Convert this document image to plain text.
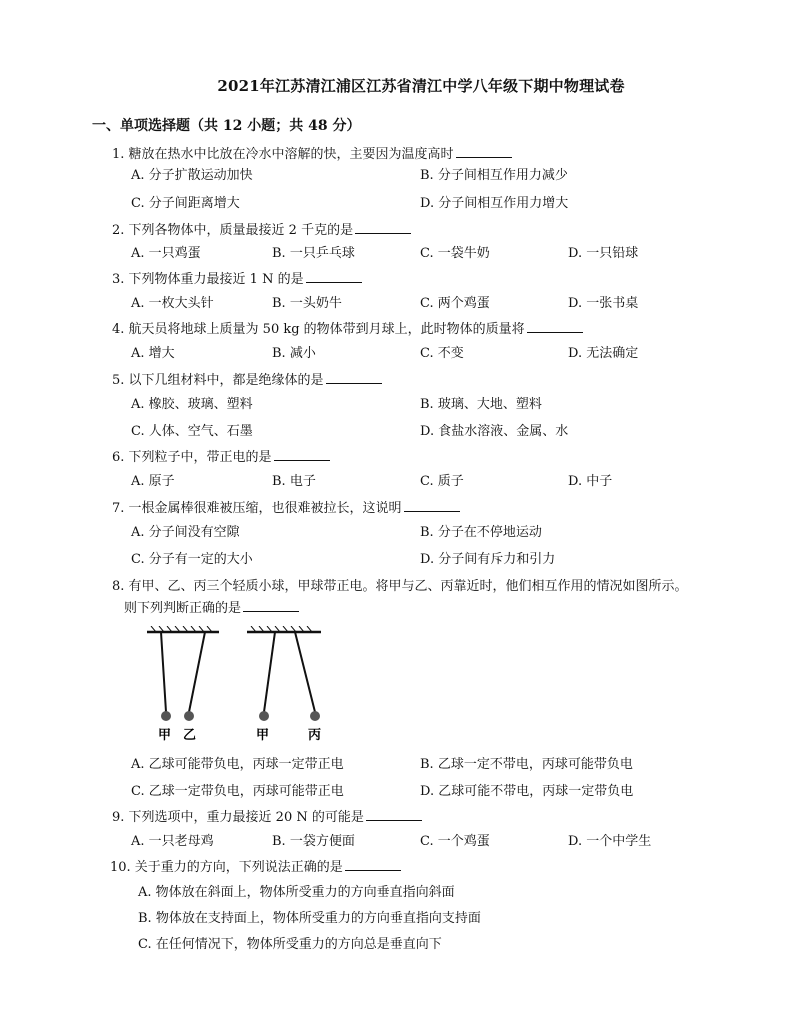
2021年江苏清江浦区江苏省清江中学八年级下期中物理试卷
一、单项选择题（共 12 小题；共 48 分）
1. 糖放在热水中比放在冷水中溶解的快，主要因为温度高时
A. 分子扩散运动加快	B. 分子间相互作用力减少
C. 分子间距离增大	D. 分子间相互作用力增大
2. 下列各物体中，质量最接近 2 千克的是
A. 一只鸡蛋	B. 一只乒乓球	C. 一袋牛奶	D. 一只铅球
3. 下列物体重力最接近 1 N 的是
A. 一枚大头针	B. 一头奶牛	C. 两个鸡蛋	D. 一张书桌
4. 航天员将地球上质量为 50 kg 的物体带到月球上，此时物体的质量将
A. 增大	B. 减小	C. 不变	D. 无法确定
5. 以下几组材料中，都是绝缘体的是
A. 橡胶、玻璃、塑料	B. 玻璃、大地、塑料
C. 人体、空气、石墨	D. 食盐水溶液、金属、水
6. 下列粒子中，带正电的是
A. 原子	B. 电子	C. 质子	D. 中子
7. 一根金属棒很难被压缩，也很难被拉长，这说明
A. 分子间没有空隙	B. 分子在不停地运动
C. 分子有一定的大小	D. 分子间有斥力和引力
8. 有甲、乙、丙三个轻质小球，甲球带正电。将甲与乙、丙靠近时，他们相互作用的情况如图所示。
则下列判断正确的是
甲 乙	甲	丙
A. 乙球可能带负电，丙球一定带正电	B. 乙球一定不带电，丙球可能带负电
C. 乙球一定带负电，丙球可能带正电	D. 乙球可能不带电，丙球一定带负电
9. 下列选项中，重力最接近 20 N 的可能是
A. 一只老母鸡	B. 一袋方便面	C. 一个鸡蛋	D. 一个中学生
10. 关于重力的方向，下列说法正确的是
A. 物体放在斜面上，物体所受重力的方向垂直指向斜面
B. 物体放在支持面上，物体所受重力的方向垂直指向支持面
C. 在任何情况下，物体所受重力的方向总是垂直向下
